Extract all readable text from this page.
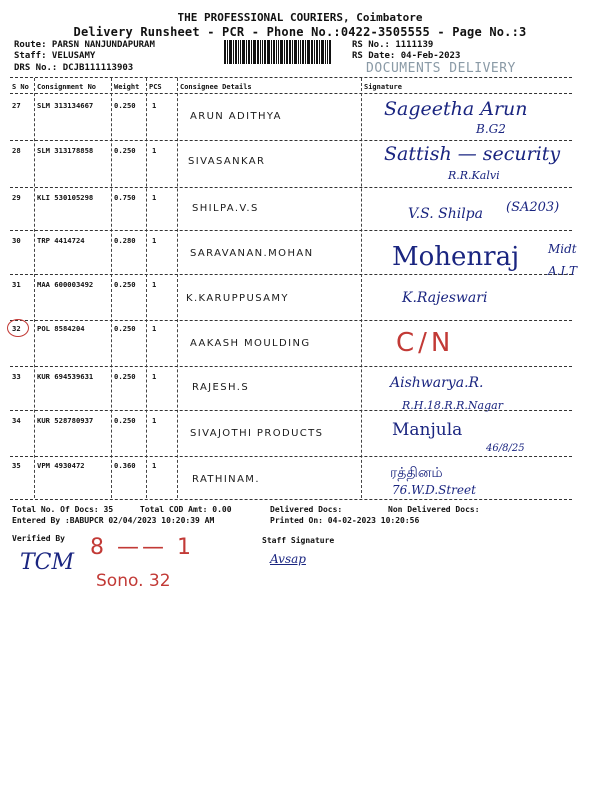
THE PROFESSIONAL COURIERS, Coimbatore
Delivery Runsheet - PCR - Phone No.:0422-3505555 - Page No.:3
Route: PARSN NANJUNDAPURAM
Staff: VELUSAMY
DRS No.: DCJB111113903
RS No.: 1111139
RS Date: 04-Feb-2023
DOCUMENTS DELIVERY
S No Consignment No	Weight PCS	Consignee Details	Signature
27 SLM 313134667	0.250 1
ARUN ADITHYA	Sageetha Arun
B.G2
28 SLM 313178858	0.250 1
SIVASANKAR	Sattish — security
R.R.Kalvi
29 KLI 530105298	0.750 1
SHILPA.V.S	V.S. Shilpa (SA203)
30 TRP 4414724	0.280 1
SARAVANAN.MOHAN	Mohenraj Midt A.I.T
31 MAA 600003492	0.250 1
K.KARUPPUSAMY	K.Rajeswari
32 POL 8584204	0.250 1
AAKASH MOULDING	C/N
33 KUR 694539631	0.250 1
RAJESH.S	Aishwarya.R.
R.H.18.R.R.Nagar
34 KUR 528780937	0.250 1
SIVAJOTHI PRODUCTS	Manjula
46/8/25
35 VPM 4930472	0.360 1
RATHINAM.	ரத்தினம்
76.W.D.Street
Total No. Of Docs: 35	Total COD Amt: 0.00	Delivered Docs:	Non Delivered Docs:
Entered By :BABUPCR 02/04/2023 10:20:39 AM	Printed On: 04-02-2023 10:20:56
Verified By	Staff Signature
TCM
8 —— 1
Sono. 32
Avsap
